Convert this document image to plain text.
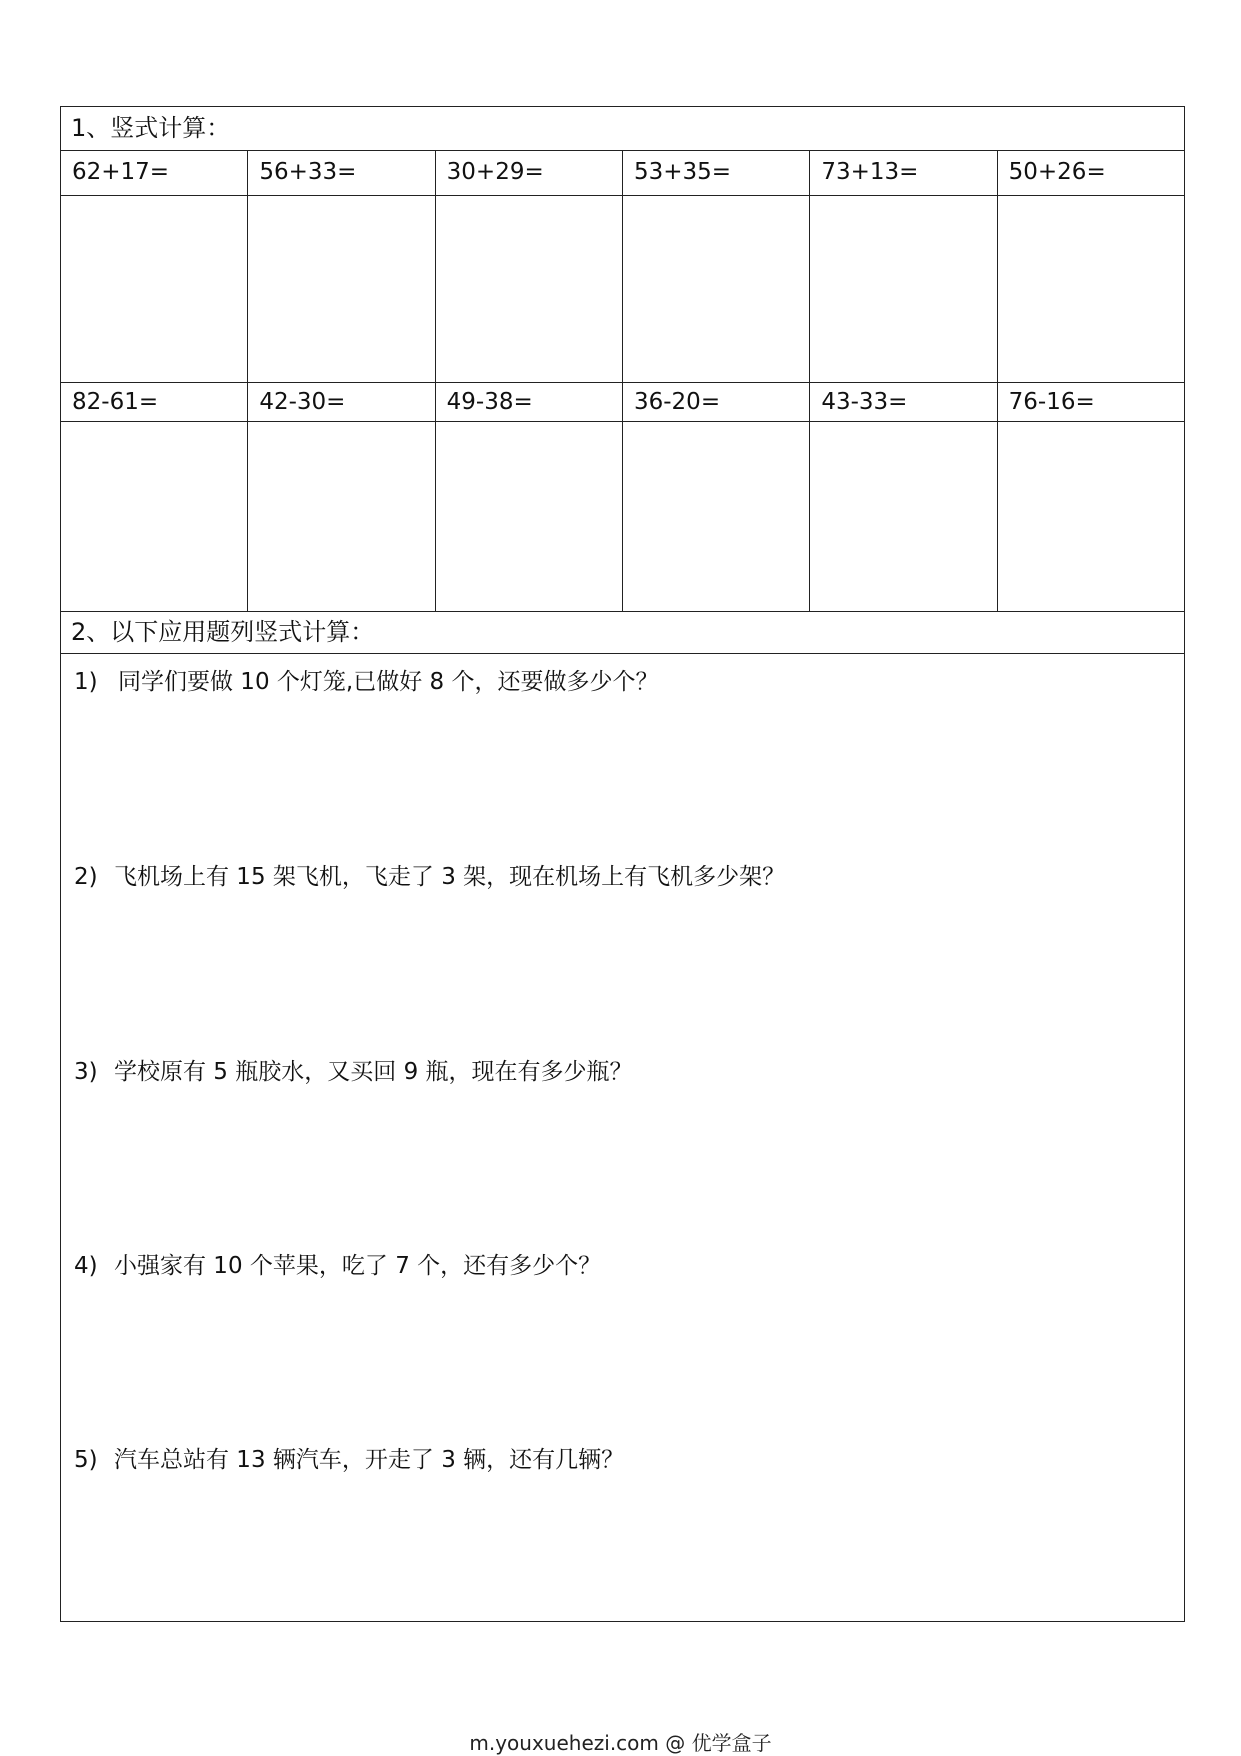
1、竖式计算：
62+17=	56+33=	30+29=	53+35=	73+13=	50+26=
82-61=	42-30=	49-38=	36-20=	43-33=	76-16=
2、以下应用题列竖式计算：
1) 同学们要做 10 个灯笼,已做好 8 个，还要做多少个？
2) 飞机场上有 15 架飞机，飞走了 3 架，现在机场上有飞机多少架？
3) 学校原有 5 瓶胶水，又买回 9 瓶，现在有多少瓶？
4) 小强家有 10 个苹果，吃了 7 个，还有多少个？
5) 汽车总站有 13 辆汽车，开走了 3 辆，还有几辆？
m.youxuehezi.com @ 优学盒子
